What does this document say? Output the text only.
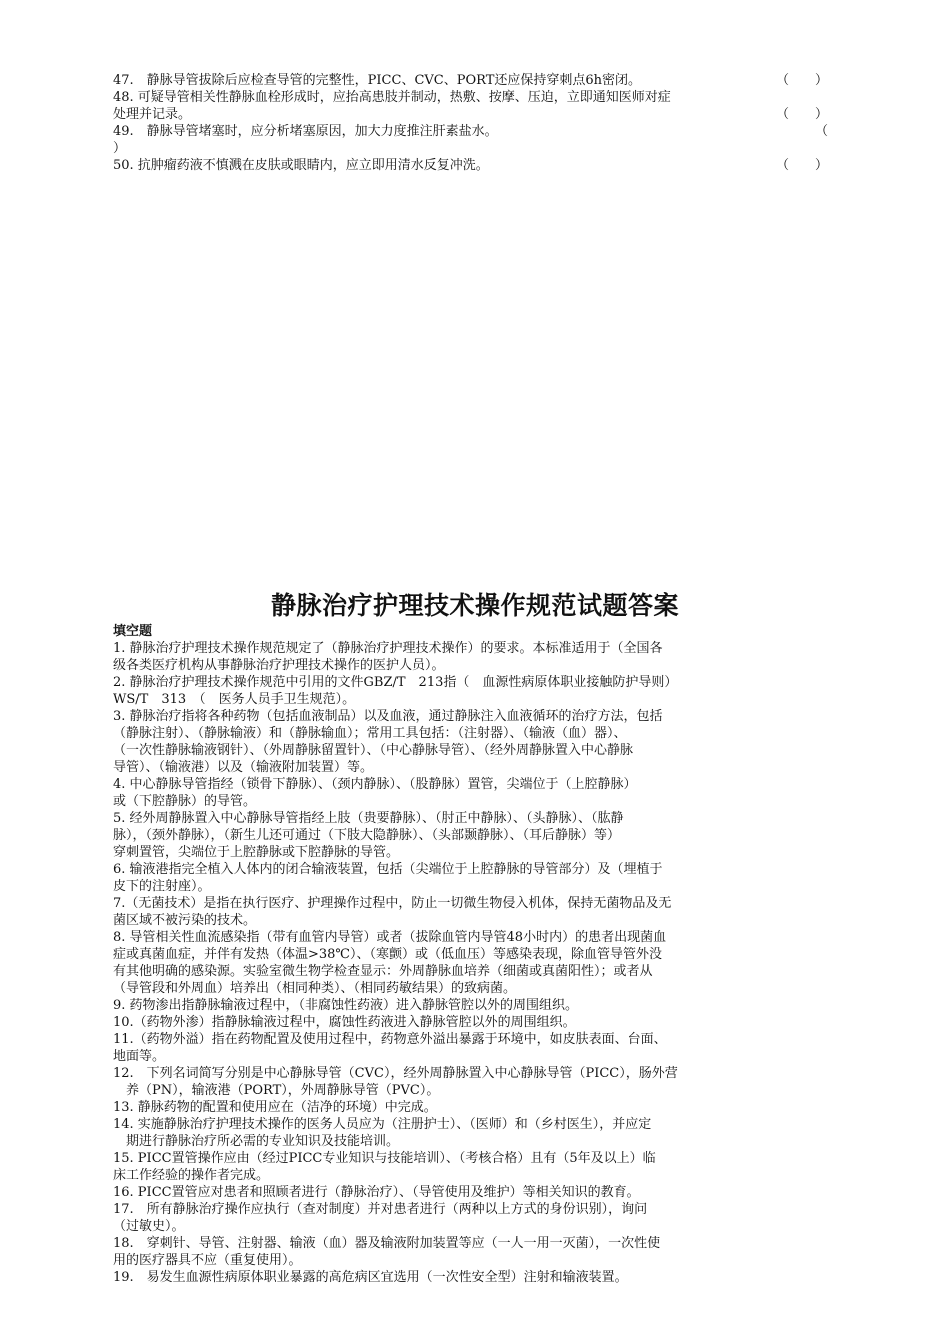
47.　静脉导管拔除后应检查导管的完整性，PICC、CVC、PORT还应保持穿刺点6h密闭。	（　　）
48. 可疑导管相关性静脉血栓形成时，应抬高患肢并制动，热敷、按摩、压迫，立即通知医师对症
处理并记录。	（　　）
49.　静脉导管堵塞时，应分析堵塞原因，加大力度推注肝素盐水。	（
）
50. 抗肿瘤药液不慎溅在皮肤或眼睛内，应立即用清水反复冲洗。	（　　）
静脉治疗护理技术操作规范试题答案
填空题
1. 静脉治疗护理技术操作规范规定了（静脉治疗护理技术操作）的要求。本标准适用于（全国各
级各类医疗机构从事静脉治疗护理技术操作的医护人员）。
2. 静脉治疗护理技术操作规范中引用的文件GBZ/T　213指（　血源性病原体职业接触防护导则）
WS/T　313　（　医务人员手卫生规范）。
3. 静脉治疗指将各种药物（包括血液制品）以及血液，通过静脉注入血液循环的治疗方法，包括
（静脉注射）、（静脉输液）和（静脉输血）；常用工具包括：（注射器）、（输液（血）器）、
（一次性静脉输液钢针）、（外周静脉留置针）、（中心静脉导管）、（经外周静脉置入中心静脉
导管）、（输液港）以及（输液附加装置）等。
4. 中心静脉导管指经（锁骨下静脉）、（颈内静脉）、（股静脉）置管，尖端位于（上腔静脉）
或（下腔静脉）的导管。
5. 经外周静脉置入中心静脉导管指经上肢（贵要静脉）、（肘正中静脉）、（头静脉）、（肱静
脉），（颈外静脉），（新生儿还可通过（下肢大隐静脉）、（头部颞静脉）、（耳后静脉）等）
穿刺置管，尖端位于上腔静脉或下腔静脉的导管。
6. 输液港指完全植入人体内的闭合输液装置，包括（尖端位于上腔静脉的导管部分）及（埋植于
皮下的注射座）。
7.（无菌技术）是指在执行医疗、护理操作过程中，防止一切微生物侵入机体，保持无菌物品及无
菌区域不被污染的技术。
8. 导管相关性血流感染指（带有血管内导管）或者（拔除血管内导管48小时内）的患者出现菌血
症或真菌血症，并伴有发热（体温>38℃）、（寒颤）或（低血压）等感染表现，除血管导管外没
有其他明确的感染源。实验室微生物学检查显示：外周静脉血培养（细菌或真菌阳性）；或者从
（导管段和外周血）培养出（相同种类）、（相同药敏结果）的致病菌。
9. 药物渗出指静脉输液过程中，（非腐蚀性药液）进入静脉管腔以外的周围组织。
10.（药物外渗）指静脉输液过程中，腐蚀性药液进入静脉管腔以外的周围组织。
11.（药物外溢）指在药物配置及使用过程中，药物意外溢出暴露于环境中，如皮肤表面、台面、
地面等。
12.　下列名词简写分别是中心静脉导管（CVC），经外周静脉置入中心静脉导管（PICC），肠外营
　养（PN），输液港（PORT），外周静脉导管（PVC）。
13. 静脉药物的配置和使用应在（洁净的环境）中完成。
14. 实施静脉治疗护理技术操作的医务人员应为（注册护士）、（医师）和（乡村医生），并应定
　期进行静脉治疗所必需的专业知识及技能培训。
15. PICC置管操作应由（经过PICC专业知识与技能培训）、（考核合格）且有（5年及以上）临
床工作经验的操作者完成。
16. PICC置管应对患者和照顾者进行（静脉治疗）、（导管使用及维护）等相关知识的教育。
17.　所有静脉治疗操作应执行（查对制度）并对患者进行（两种以上方式的身份识别），询问
（过敏史）。
18.　穿刺针、导管、注射器、输液（血）器及输液附加装置等应（一人一用一灭菌），一次性使
用的医疗器具不应（重复使用）。
19.　易发生血源性病原体职业暴露的高危病区宜选用（一次性安全型）注射和输液装置。
